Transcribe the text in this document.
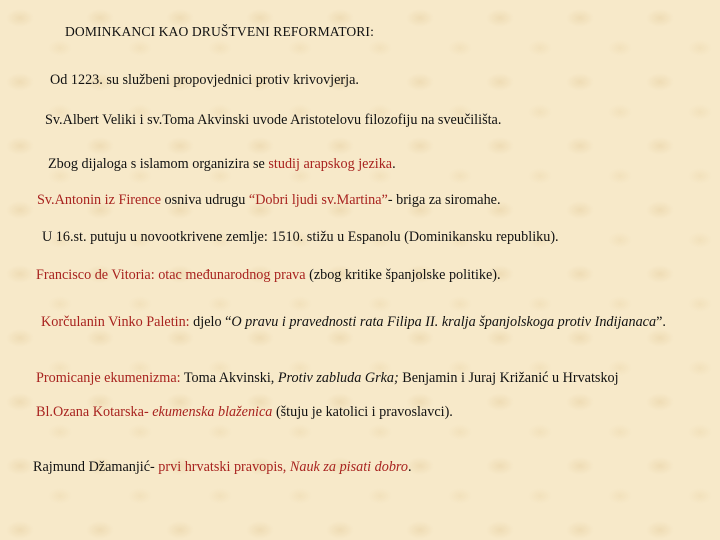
DOMINKANCI KAO DRUŠTVENI REFORMATORI:
Od 1223. su službeni propovjednici protiv krivovjerja.
Sv.Albert Veliki i sv.Toma Akvinski uvode Aristotelovu filozofiju na sveučilišta.
Zbog dijaloga s islamom organizira se studij arapskog jezika.
Sv.Antonin iz Firence osniva udrugu “Dobri ljudi sv.Martina”- briga za siromahe.
U 16.st. putuju u novootkrivene zemlje: 1510. stižu u Espanolu (Dominikansku republiku).
Francisco de Vitoria: otac međunarodnog prava (zbog kritike španjolske politike).
Korčulanin Vinko Paletin: djelo “O pravu i pravednosti rata Filipa II. kralja španjolskoga protiv Indijanaca”.
Promicanje ekumenizma: Toma Akvinski, Protiv zabluda Grka; Benjamin i Juraj Križanić u Hrvatskoj
Bl.Ozana Kotarska- ekumenska blaženica (štuju je katolici i pravoslavci).
Rajmund Džamanjić- prvi hrvatski pravopis, Nauk za pisati dobro.
